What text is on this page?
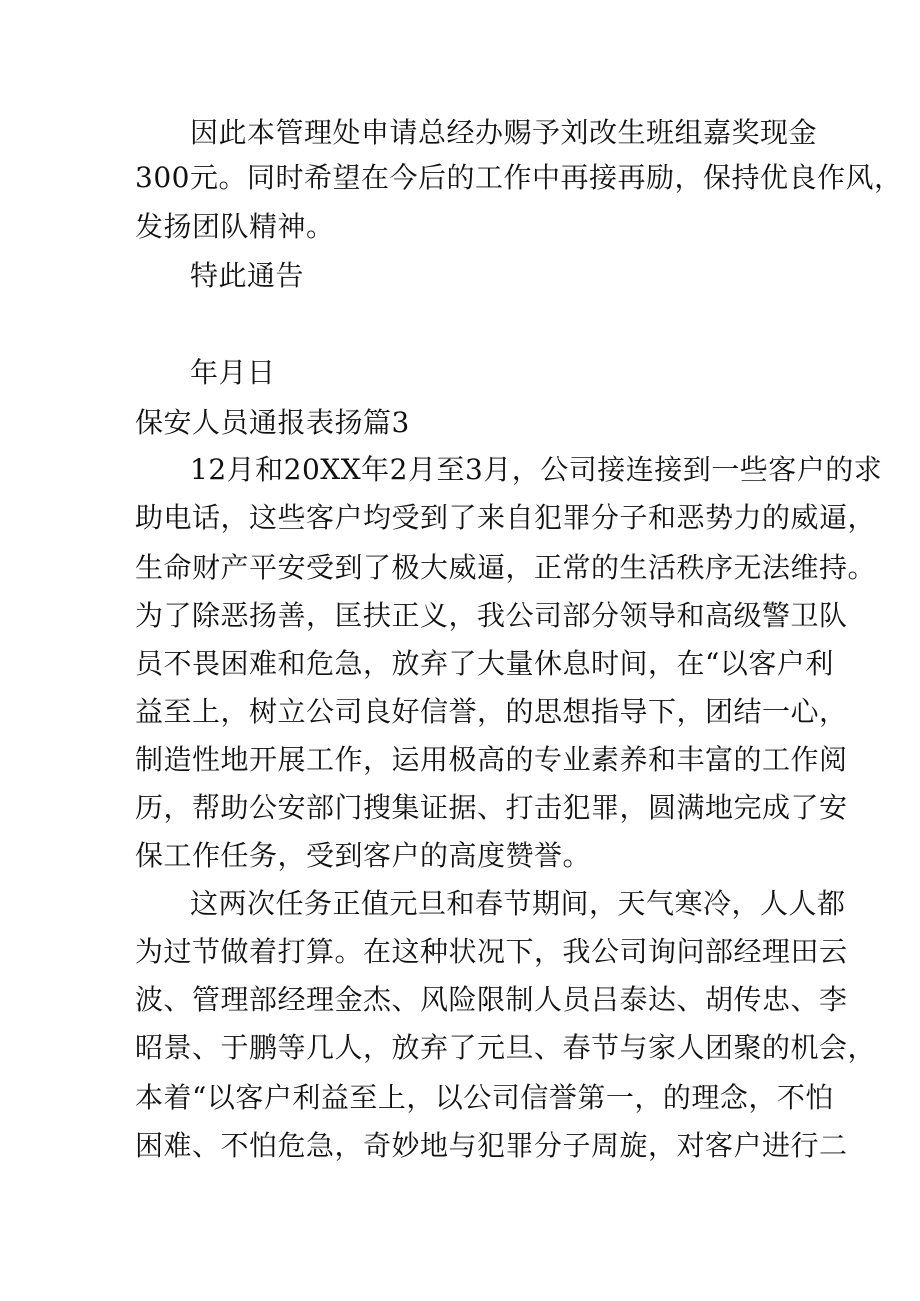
因此本管理处申请总经办赐予刘改生班组嘉奖现金
300元。同时希望在今后的工作中再接再励，保持优良作风，
发扬团队精神。
特此通告
年月日
保安人员通报表扬篇3
12月和20XX年2月至3月，公司接连接到一些客户的求
助电话，这些客户均受到了来自犯罪分子和恶势力的威逼，
生命财产平安受到了极大威逼，正常的生活秩序无法维持。
为了除恶扬善，匡扶正义，我公司部分领导和高级警卫队
员不畏困难和危急，放弃了大量休息时间，在“以客户利
益至上，树立公司良好信誉，的思想指导下，团结一心，
制造性地开展工作，运用极高的专业素养和丰富的工作阅
历，帮助公安部门搜集证据、打击犯罪，圆满地完成了安
保工作任务，受到客户的高度赞誉。
这两次任务正值元旦和春节期间，天气寒冷，人人都
为过节做着打算。在这种状况下，我公司询问部经理田云
波、管理部经理金杰、风险限制人员吕泰达、胡传忠、李
昭景、于鹏等几人，放弃了元旦、春节与家人团聚的机会，
本着“以客户利益至上，以公司信誉第一，的理念，不怕
困难、不怕危急，奇妙地与犯罪分子周旋，对客户进行二
